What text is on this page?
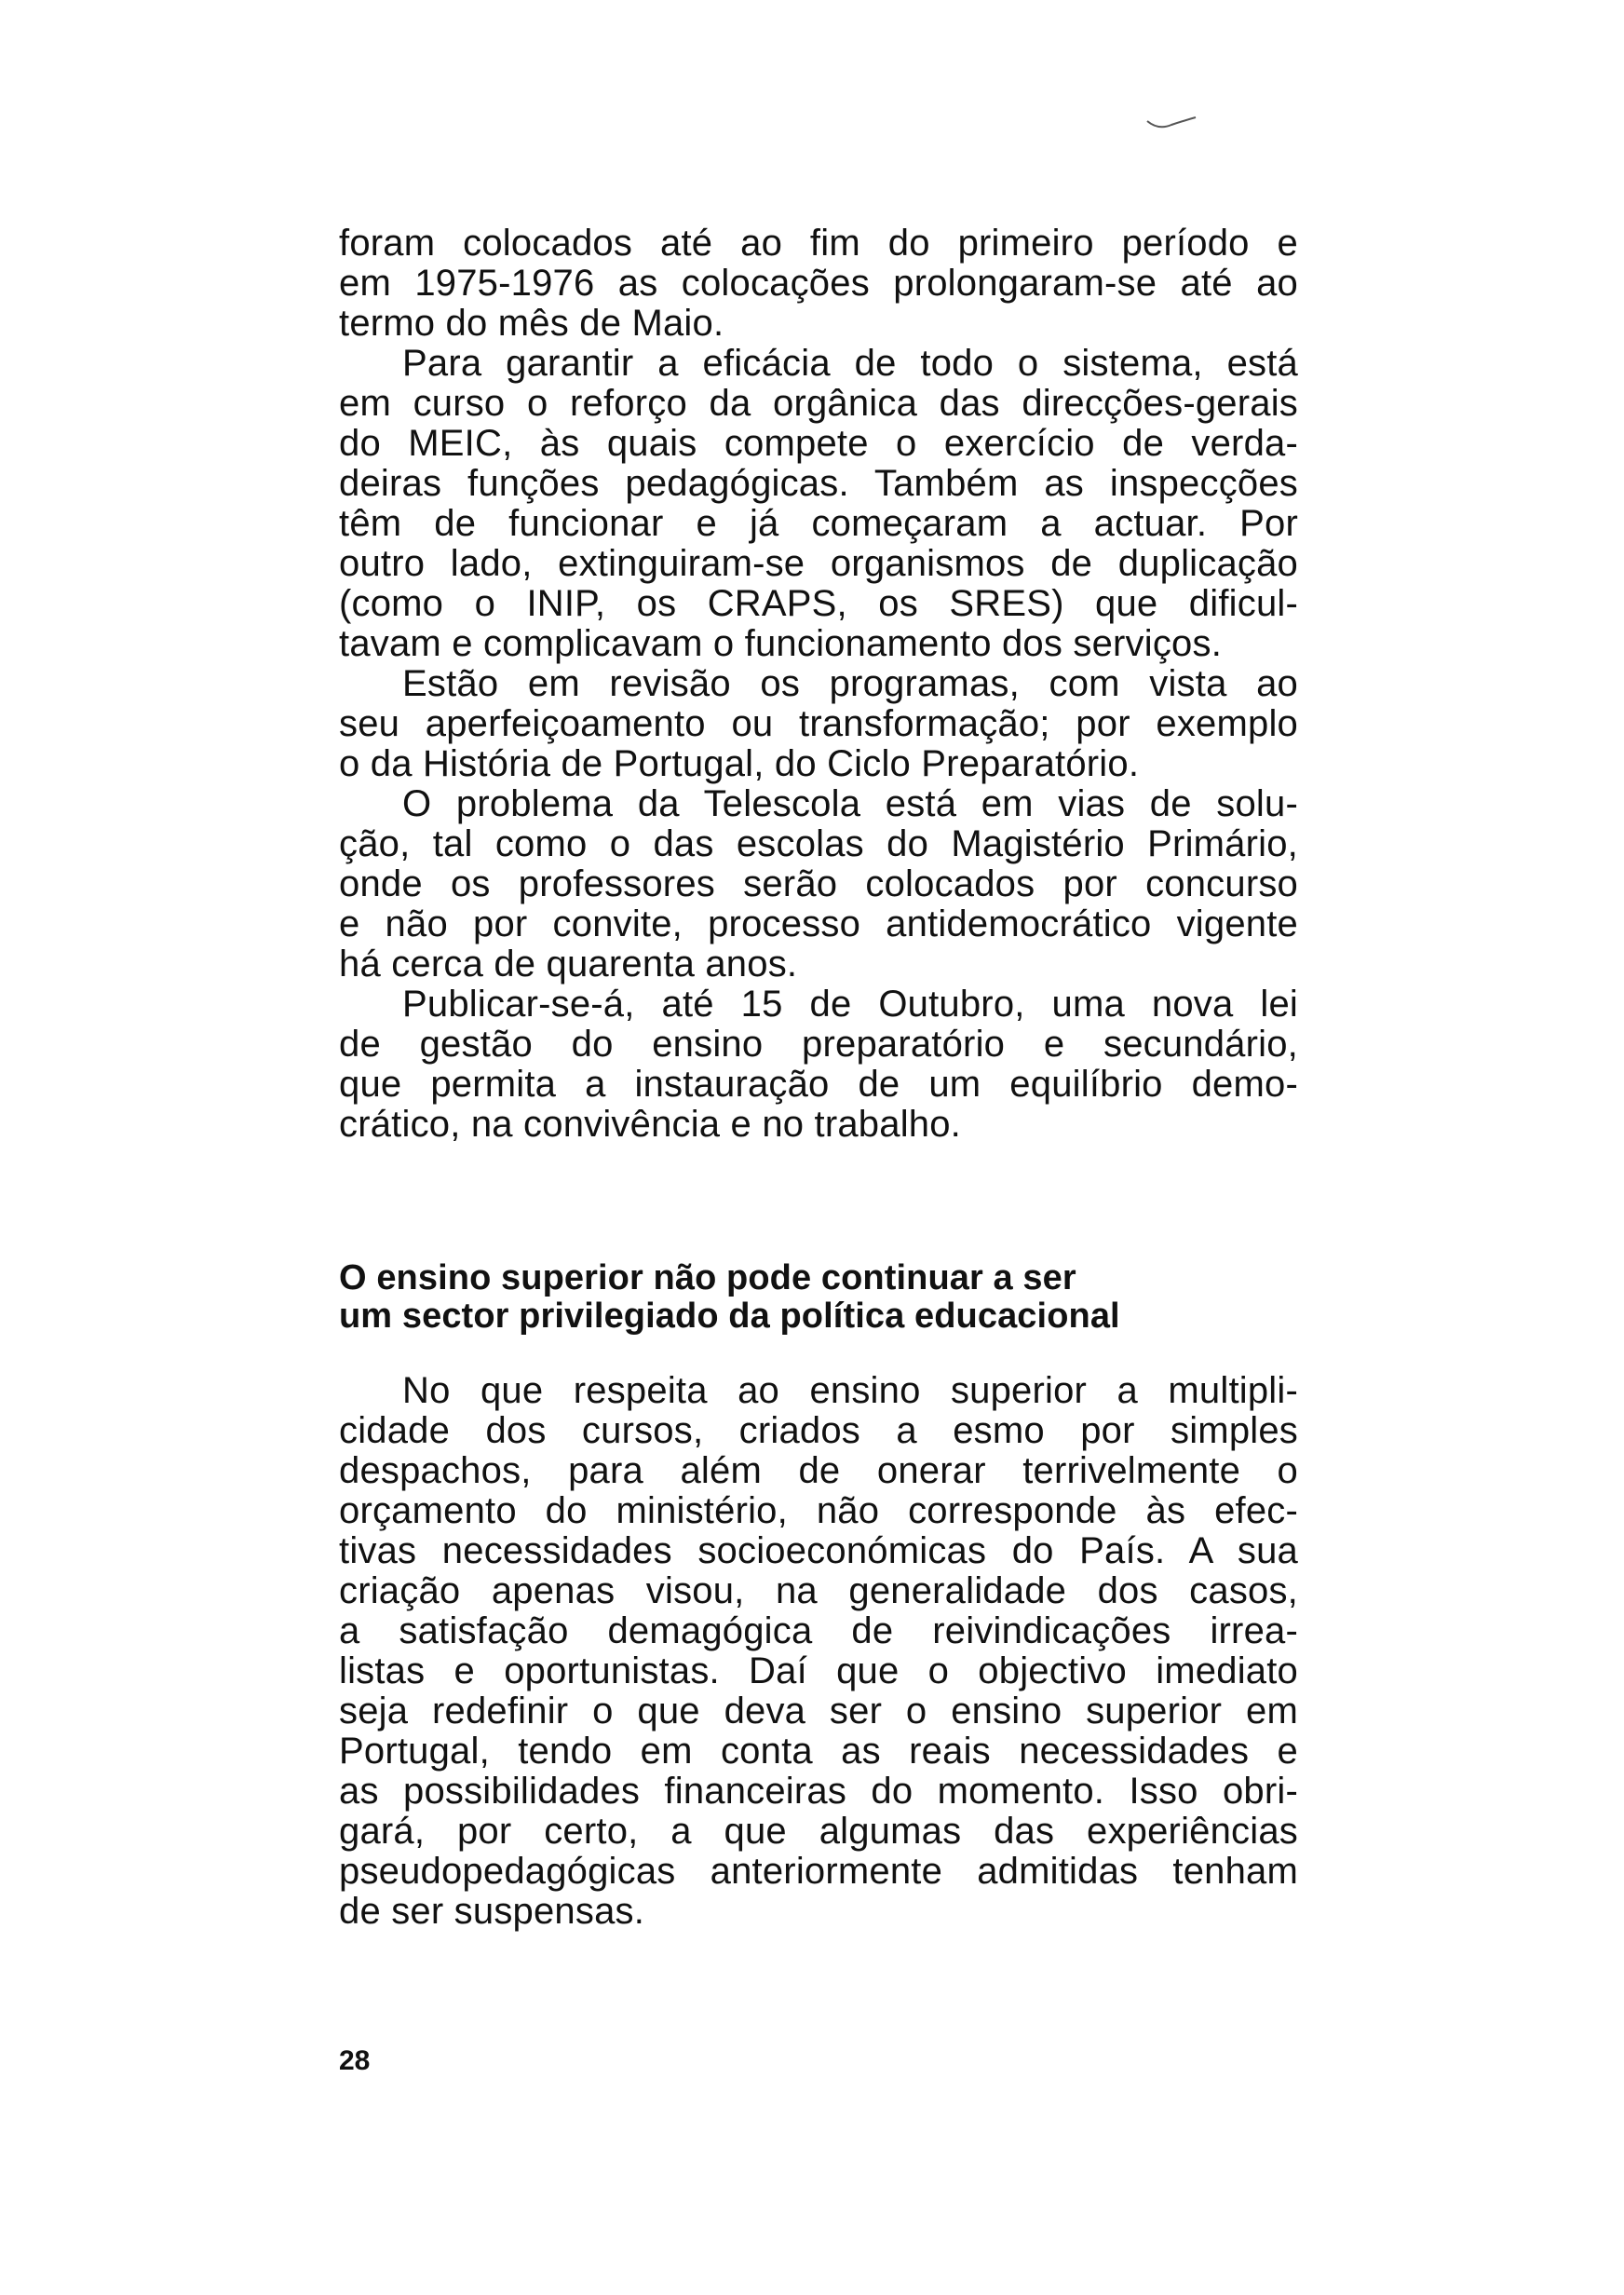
foram colocados até ao fim do primeiro período e
em 1975-1976 as colocações prolongaram-se até ao
termo do mês de Maio.
Para garantir a eficácia de todo o sistema, está
em curso o reforço da orgânica das direcções-gerais
do MEIC, às quais compete o exercício de verda-
deiras funções pedagógicas. Também as inspecções
têm de funcionar e já começaram a actuar. Por
outro lado, extinguiram-se organismos de duplicação
(como o INIP, os CRAPS, os SRES) que dificul-
tavam e complicavam o funcionamento dos serviços.
Estão em revisão os programas, com vista ao
seu aperfeiçoamento ou transformação; por exemplo
o da História de Portugal, do Ciclo Preparatório.
O problema da Telescola está em vias de solu-
ção, tal como o das escolas do Magistério Primário,
onde os professores serão colocados por concurso
e não por convite, processo antidemocrático vigente
há cerca de quarenta anos.
Publicar-se-á, até 15 de Outubro, uma nova lei
de gestão do ensino preparatório e secundário,
que permita a instauração de um equilíbrio demo-
crático, na convivência e no trabalho.
O ensino superior não pode continuar a ser
um sector privilegiado da política educacional
No que respeita ao ensino superior a multipli-
cidade dos cursos, criados a esmo por simples
despachos, para além de onerar terrivelmente o
orçamento do ministério, não corresponde às efec-
tivas necessidades socioeconómicas do País. A sua
criação apenas visou, na generalidade dos casos,
a satisfação demagógica de reivindicações irrea-
listas e oportunistas. Daí que o objectivo imediato
seja redefinir o que deva ser o ensino superior em
Portugal, tendo em conta as reais necessidades e
as possibilidades financeiras do momento. Isso obri-
gará, por certo, a que algumas das experiências
pseudopedagógicas anteriormente admitidas tenham
de ser suspensas.
28
